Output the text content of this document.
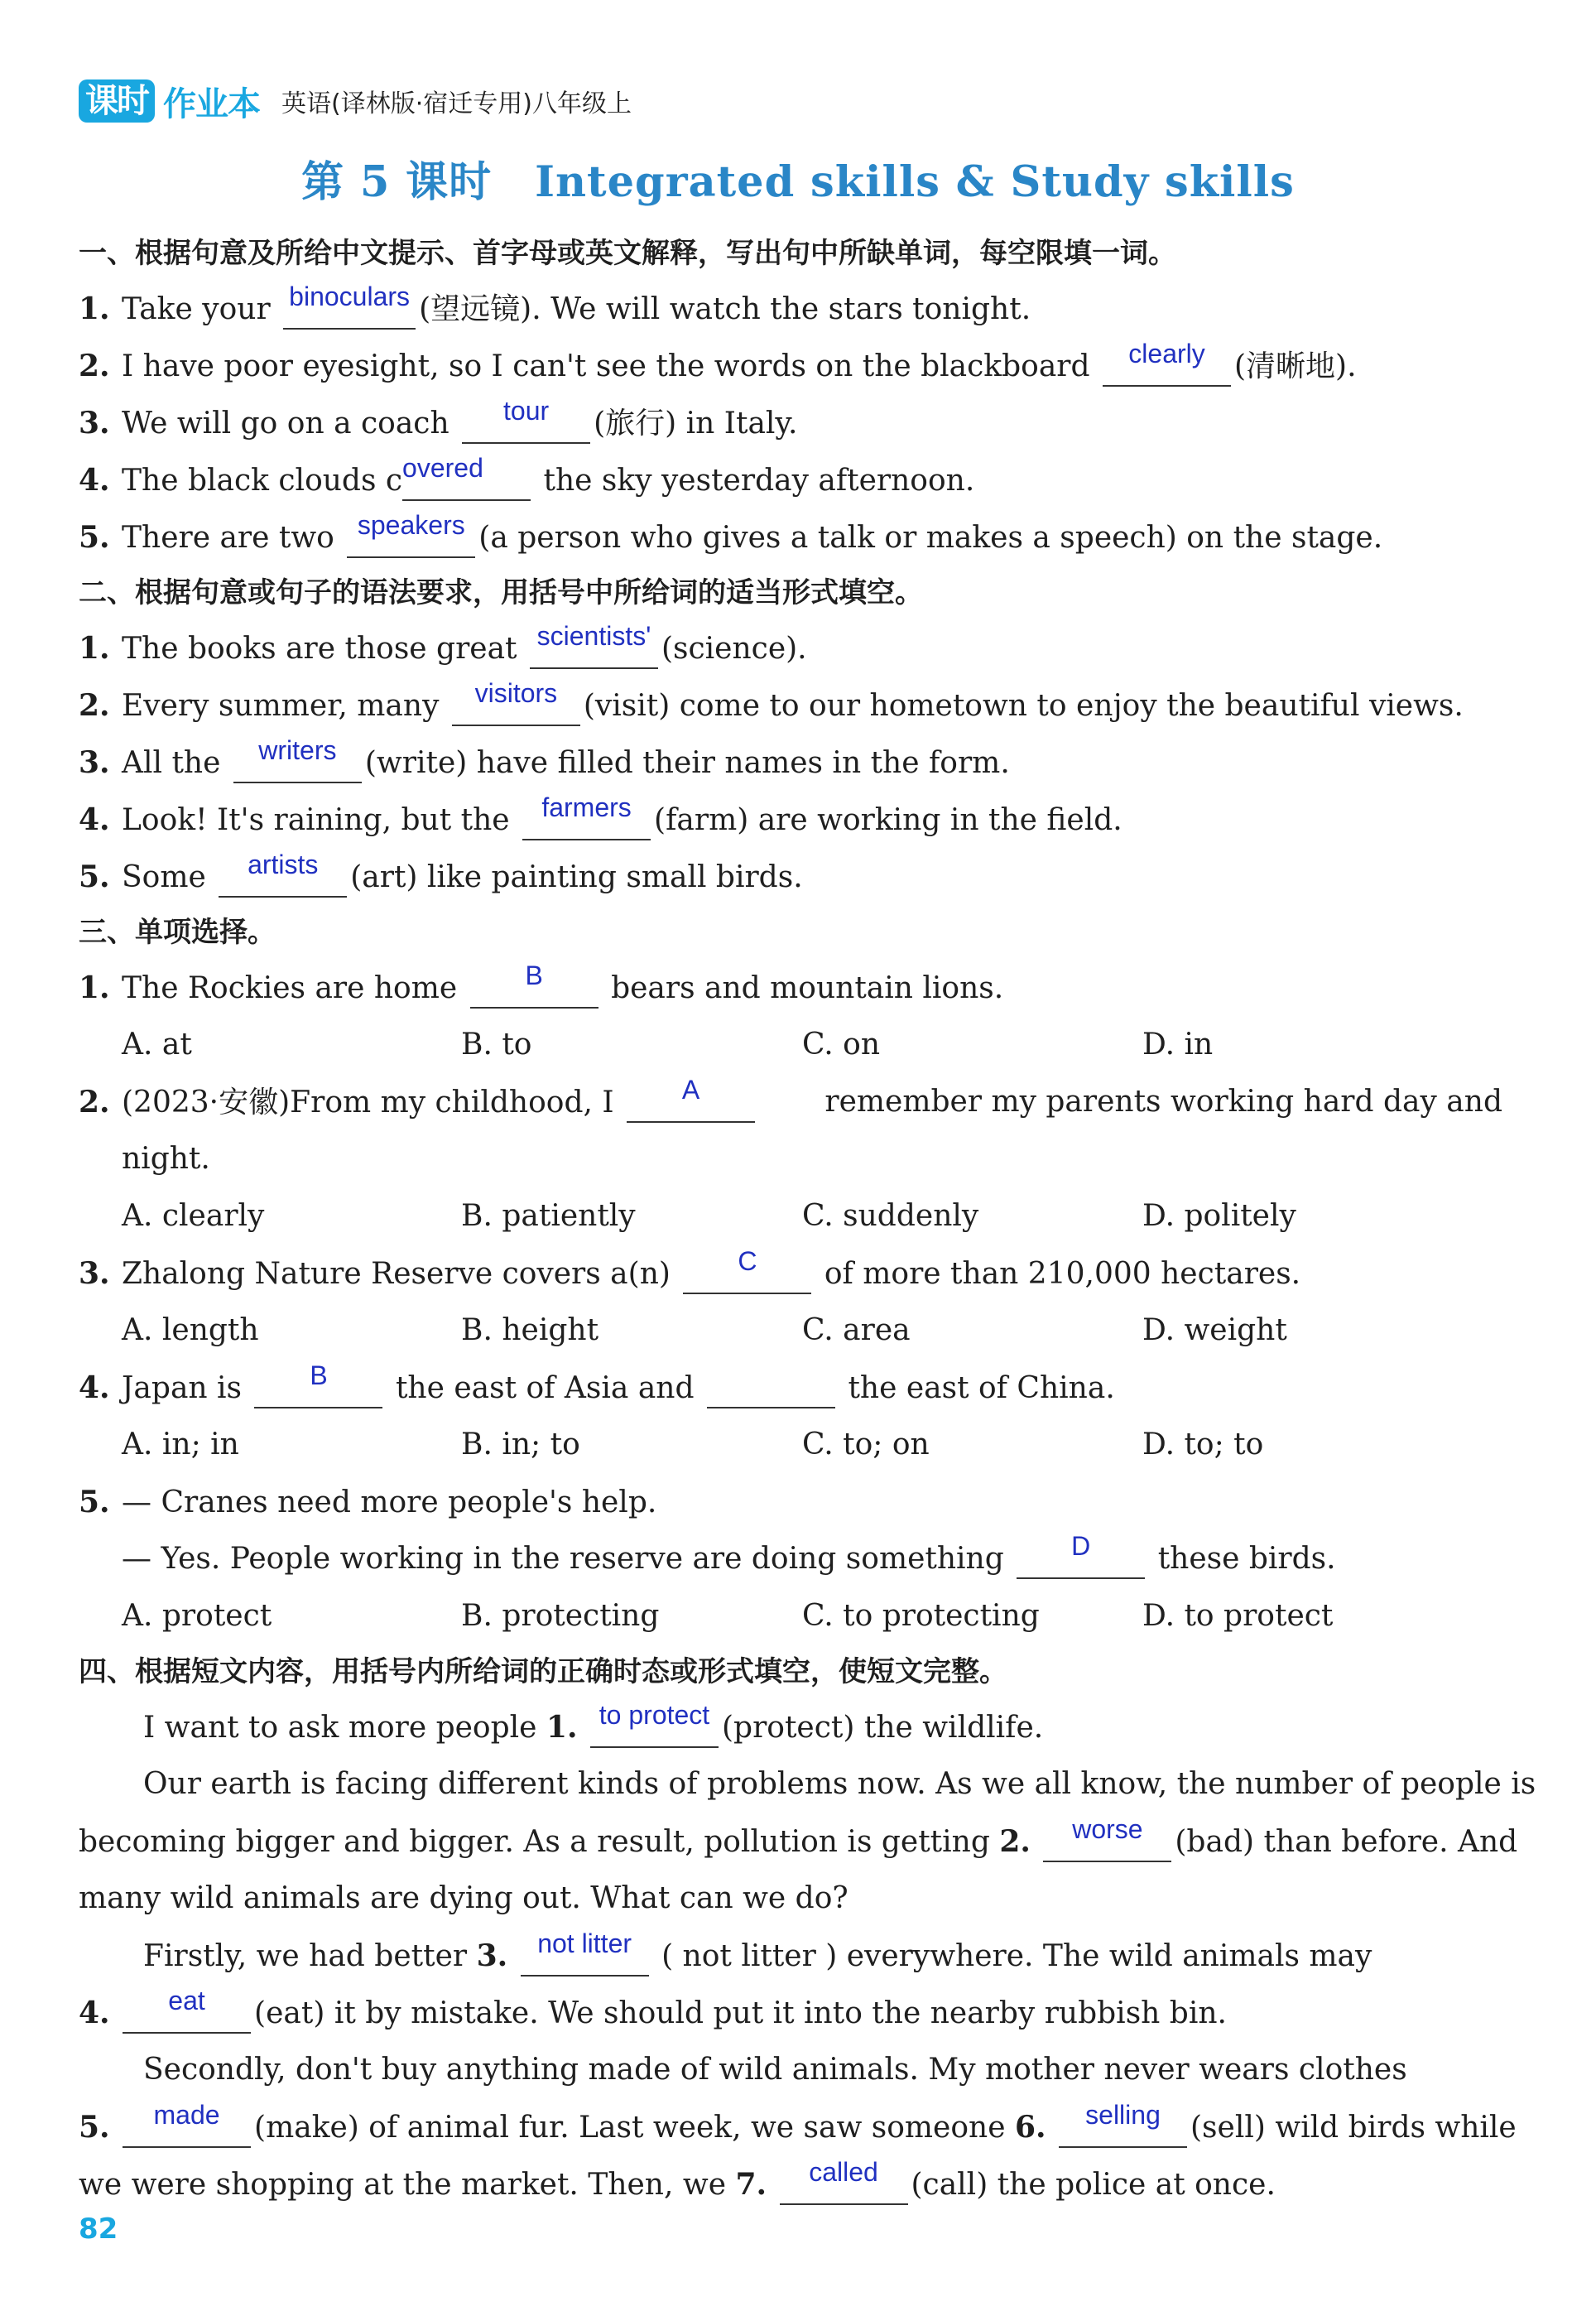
课时 作业本 英语(译林版·宿迁专用)八年级上
第 5 课时　Integrated skills & Study skills
一、根据句意及所给中文提示、首字母或英文解释，写出句中所缺单词，每空限填一词。
1. Take your binoculars (望远镜). We will watch the stars tonight.
2. I have poor eyesight, so I can't see the words on the blackboard	clearly (清晰地).
3. We will go on a coach	tour	(旅行) in Italy.
4. The black clouds c overed	the sky yesterday afternoon.
5. There are two speakers (a person who gives a talk or makes a speech) on the stage.
二、根据句意或句子的语法要求，用括号中所给词的适当形式填空。
1. The books are those great scientists' (science).
2. Every summer, many	visitors (visit) come to our hometown to enjoy the beautiful views.
3. All the	writers (write) have filled their names in the form.
4. Look! It's raining, but the	farmers (farm) are working in the field.
5. Some	artists	(art) like painting small birds.
三、单项选择。
1. The Rockies are home	B	bears and mountain lions.
A. at	B. to	C. on	D. in
2. (2023·安徽)From my childhood, I	A	remember my parents working hard day and
night.
A. clearly	B. patiently	C. suddenly	D. politely
3. Zhalong Nature Reserve covers a(n)	C	of more than 210,000 hectares.
A. length	B. height	C. area	D. weight
4. Japan is	B	the east of Asia and	the east of China.
A. in; in	B. in; to	C. to; on	D. to; to
5. — Cranes need more people's help.
— Yes. People working in the reserve are doing something	D	these birds.
A. protect	B. protecting	C. to protecting	D. to protect
四、根据短文内容，用括号内所给词的正确时态或形式填空，使短文完整。
I want to ask more people 1. to protect (protect) the wildlife.
Our earth is facing different kinds of problems now. As we all know, the number of people is
becoming bigger and bigger. As a result, pollution is getting 2.	worse	(bad) than before. And
many wild animals are dying out. What can we do?
Firstly, we had better 3.	not litter	( not litter ) everywhere. The wild animals may
4.	eat	(eat) it by mistake. We should put it into the nearby rubbish bin.
Secondly, don't buy anything made of wild animals. My mother never wears clothes
5.	made	(make) of animal fur. Last week, we saw someone 6.	selling	(sell) wild birds while
we were shopping at the market. Then, we 7.	called	(call) the police at once.
82
